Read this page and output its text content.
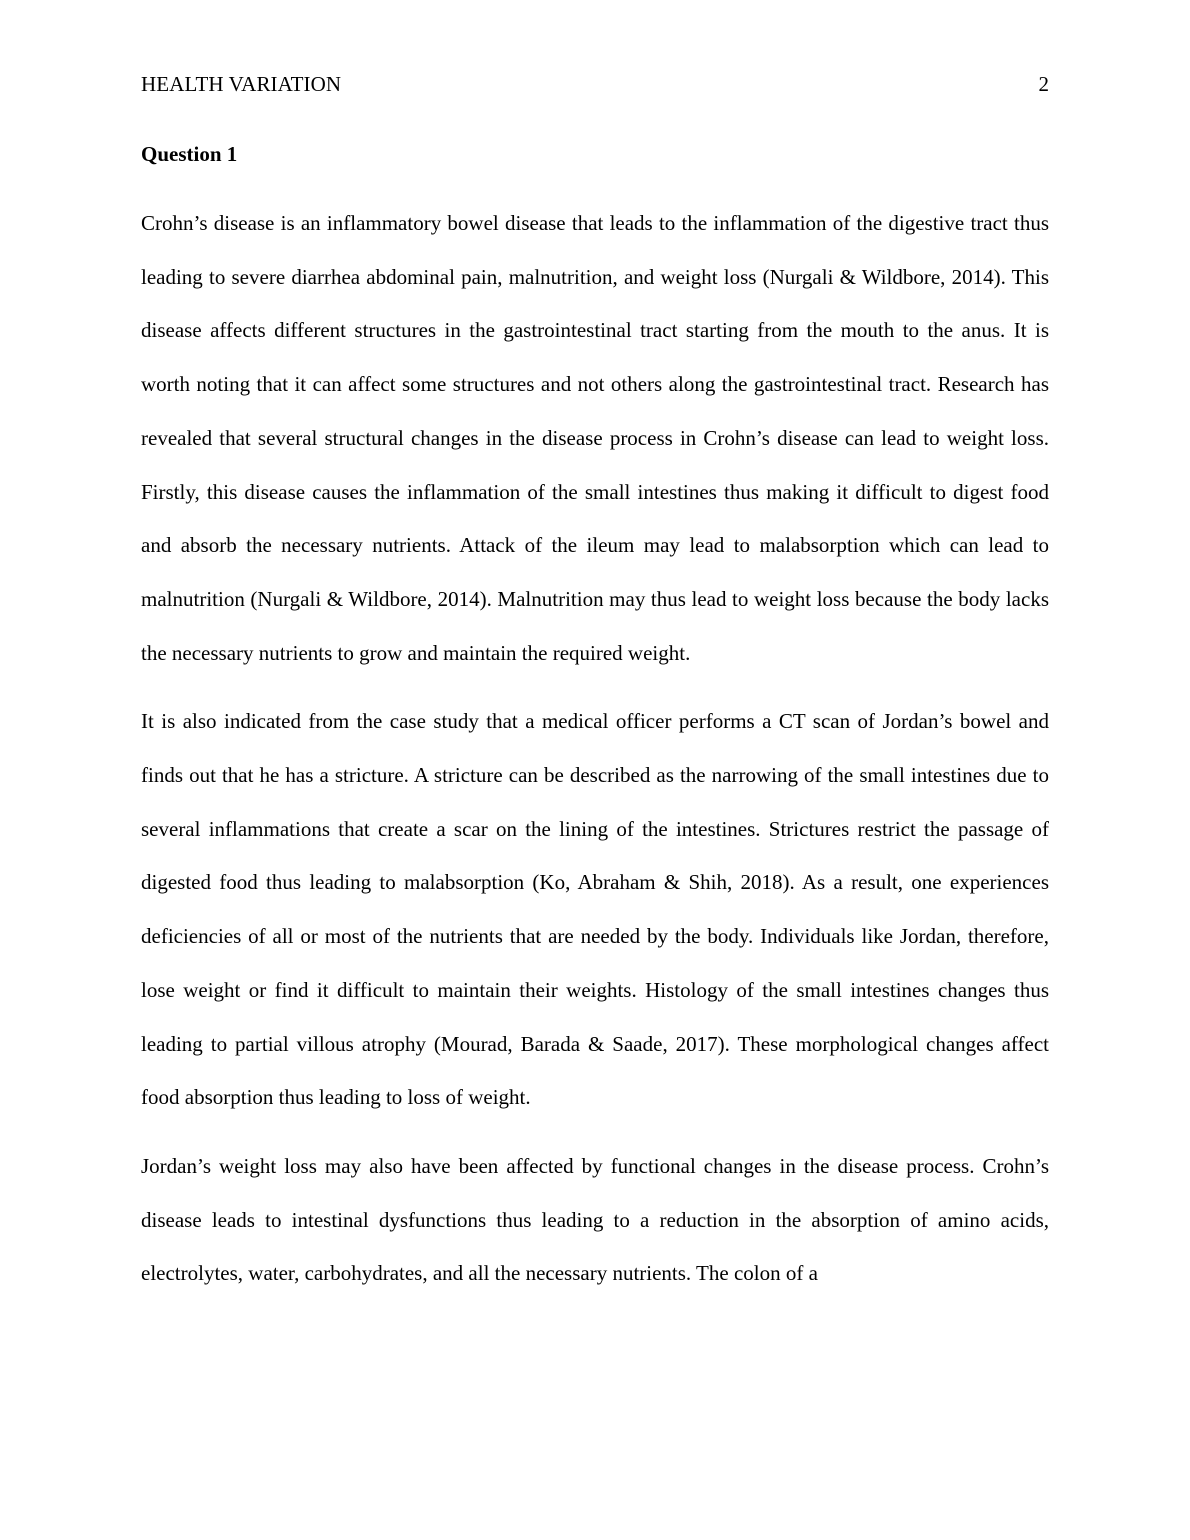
HEALTH VARIATION	2
Question 1

Crohn’s disease is an inflammatory bowel disease that leads to the inflammation of the digestive tract thus leading to severe diarrhea abdominal pain, malnutrition, and weight loss (Nurgali & Wildbore, 2014). This disease affects different structures in the gastrointestinal tract starting from the mouth to the anus. It is worth noting that it can affect some structures and not others along the gastrointestinal tract. Research has revealed that several structural changes in the disease process in Crohn’s disease can lead to weight loss. Firstly, this disease causes the inflammation of the small intestines thus making it difficult to digest food and absorb the necessary nutrients. Attack of the ileum may lead to malabsorption which can lead to malnutrition (Nurgali & Wildbore, 2014). Malnutrition may thus lead to weight loss because the body lacks the necessary nutrients to grow and maintain the required weight.

It is also indicated from the case study that a medical officer performs a CT scan of Jordan’s bowel and finds out that he has a stricture. A stricture can be described as the narrowing of the small intestines due to several inflammations that create a scar on the lining of the intestines. Strictures restrict the passage of digested food thus leading to malabsorption (Ko, Abraham & Shih, 2018). As a result, one experiences deficiencies of all or most of the nutrients that are needed by the body. Individuals like Jordan, therefore, lose weight or find it difficult to maintain their weights. Histology of the small intestines changes thus leading to partial villous atrophy (Mourad, Barada & Saade, 2017). These morphological changes affect food absorption thus leading to loss of weight.

Jordan’s weight loss may also have been affected by functional changes in the disease process. Crohn’s disease leads to intestinal dysfunctions thus leading to a reduction in the absorption of amino acids, electrolytes, water, carbohydrates, and all the necessary nutrients. The colon of a
